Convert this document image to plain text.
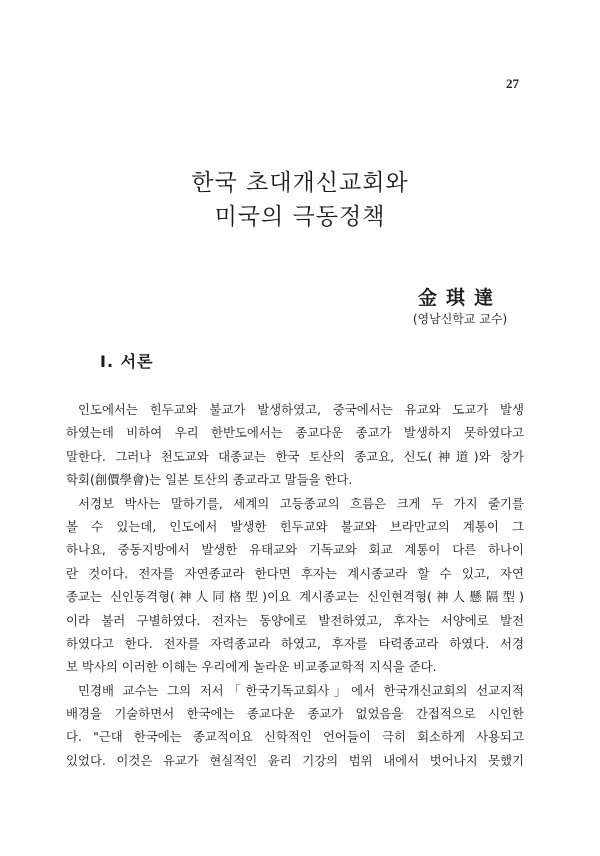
27
한국 초대개신교회와
미국의 극동정책
金琪達
(영남신학교 교수)
I. 서론
인도에서는 힌두교와 불교가 발생하였고, 중국에서는 유교와 도교가 발생
하였는데 비하여 우리 한반도에서는 종교다운 종교가 발생하지 못하였다고
말한다. 그러나 천도교와 대종교는 한국 토산의 종교요, 신도(神道)와 창가
학회(創價學會)는 일본 토산의 종교라고 말들을 한다.
서경보 박사는 말하기를, 세계의 고등종교의 흐름은 크게 두 가지 줄기를
볼 수 있는데, 인도에서 발생한 힌두교와 불교와 브라만교의 계통이 그
하나요, 중동지방에서 발생한 유태교와 기독교와 회교 계통이 다른 하나이
란 것이다. 전자를 자연종교라 한다면 후자는 계시종교라 할 수 있고, 자연
종교는 신인동격형(神人同格型)이요 계시종교는 신인현격형(神人懸隔型)
이라 불러 구별하였다. 전자는 동양에로 발전하였고, 후자는 서양에로 발전
하였다고 한다. 전자를 자력종교라 하였고, 후자를 타력종교라 하였다. 서경
보 박사의 이러한 이해는 우리에게 놀라운 비교종교학적 지식을 준다.
민경배 교수는 그의 저서「한국기독교회사」에서 한국개신교회의 선교지적
배경을 기술하면서 한국에는 종교다운 종교가 없었음을 간접적으로 시인한
다. "근대 한국에는 종교적이요 신학적인 언어들이 극히 회소하게 사용되고
있었다. 이것은 유교가 현실적인 윤리 기강의 범위 내에서 벗어나지 못했기
